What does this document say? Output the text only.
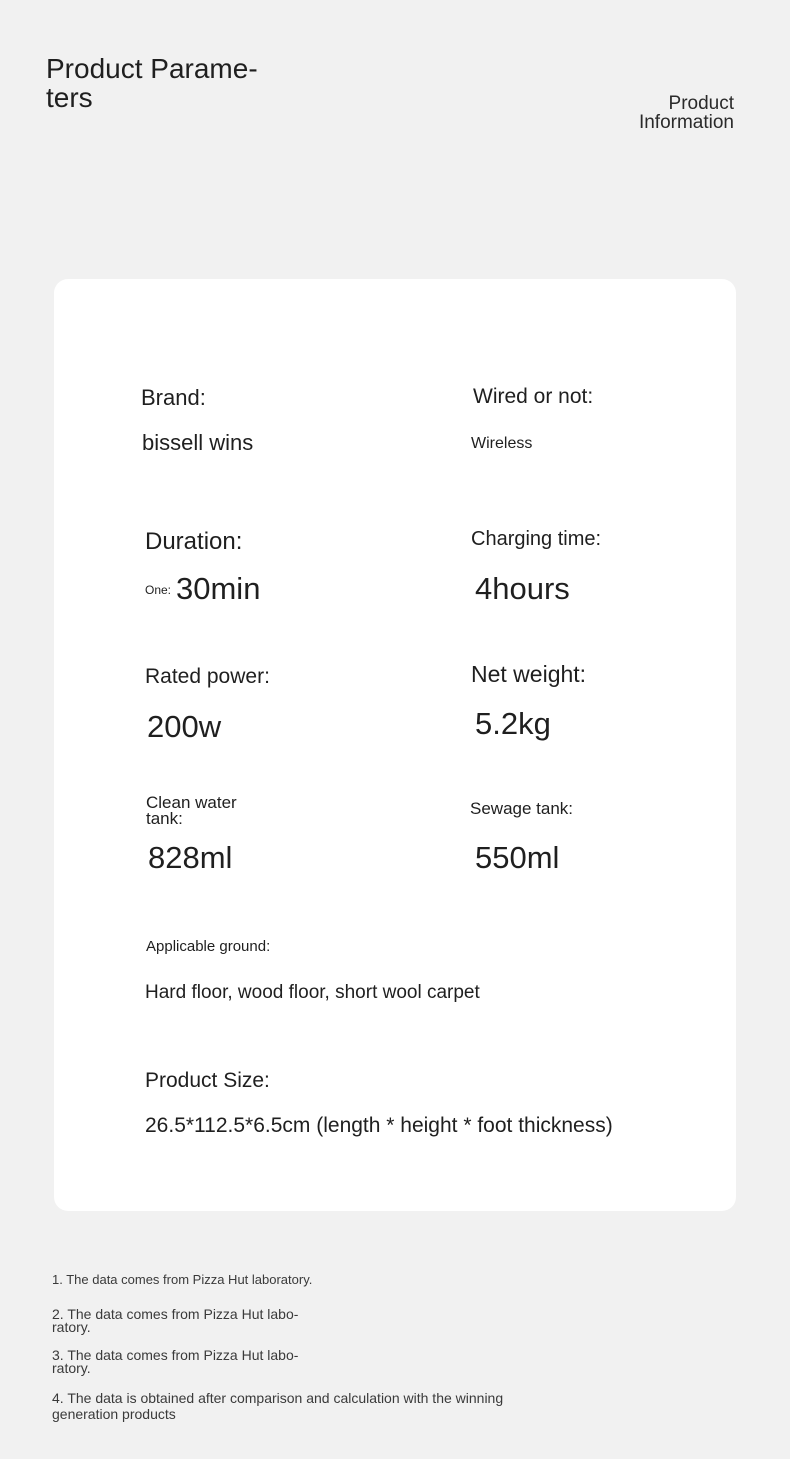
Product Parame-
ters	Product
Information
Brand:
bissell wins
Wired or not:
Wireless
Duration:
One: 30min
Charging time:
4hours
Rated power:
200w
Net weight:
5.2kg
Clean water
tank:
828ml
Sewage tank:
550ml
Applicable ground:
Hard floor, wood floor, short wool carpet
Product Size:
26.5*112.5*6.5cm (length * height * foot thickness)
1. The data comes from Pizza Hut laboratory.
2. The data comes from Pizza Hut labo-
ratory.
3. The data comes from Pizza Hut labo-
ratory.
4. The data is obtained after comparison and calculation with the winning
generation products
